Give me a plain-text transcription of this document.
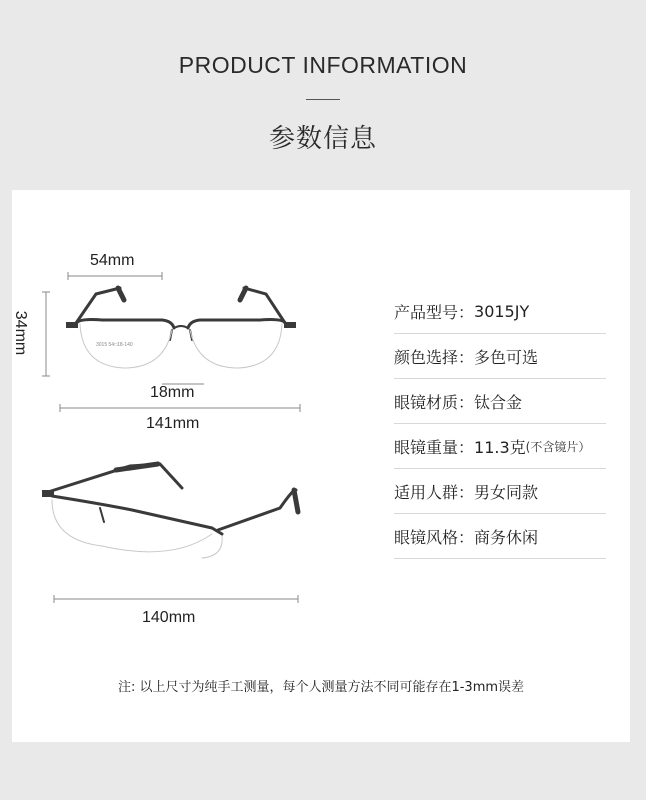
PRODUCT INFORMATION
参数信息
3015 54□18-140
54mm
34mm
18mm
141mm
140mm
产品型号： 3015JY
颜色选择： 多色可选
眼镜材质： 钛合金
眼镜重量： 11.3克 (不含镜片）
适用人群： 男女同款
眼镜风格： 商务休闲
注: 以上尺寸为纯手工测量，每个人测量方法不同可能存在1-3mm误差
